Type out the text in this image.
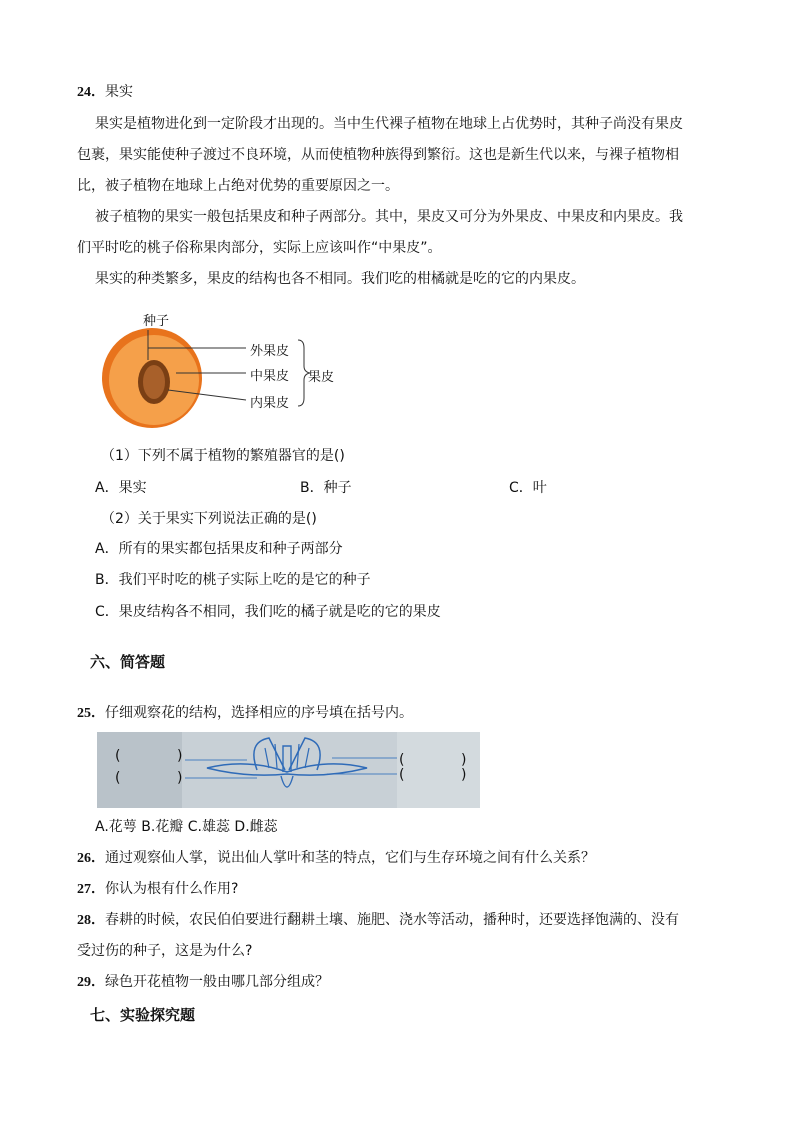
24．果实
果实是植物进化到一定阶段才出现的。当中生代裸子植物在地球上占优势时，其种子尚没有果皮
包裹，果实能使种子渡过不良环境，从而使植物种族得到繁衍。这也是新生代以来，与裸子植物相
比，被子植物在地球上占绝对优势的重要原因之一。
被子植物的果实一般包括果皮和种子两部分。其中，果皮又可分为外果皮、中果皮和内果皮。我
们平时吃的桃子俗称果肉部分，实际上应该叫作“中果皮”。
果实的种类繁多，果皮的结构也各不相同。我们吃的柑橘就是吃的它的内果皮。
种子
外果皮
中果皮
内果皮
果皮
（1）下列不属于植物的繁殖器官的是()
A．果实	B．种子	C．叶
（2）关于果实下列说法正确的是()
A．所有的果实都包括果皮和种子两部分
B．我们平时吃的桃子实际上吃的是它的种子
C．果皮结构各不相同，我们吃的橘子就是吃的它的果皮
六、简答题
25．仔细观察花的结构，选择相应的序号填在括号内。
(	)
(	)
(	)
(	)
A.花萼 B.花瓣 C.雄蕊 D.雌蕊
26．通过观察仙人掌，说出仙人掌叶和茎的特点，它们与生存环境之间有什么关系？
27．你认为根有什么作用?
28．春耕的时候，农民伯伯要进行翻耕土壤、施肥、浇水等活动，播种时，还要选择饱满的、没有
受过伤的种子，这是为什么?
29．绿色开花植物一般由哪几部分组成？
七、实验探究题
